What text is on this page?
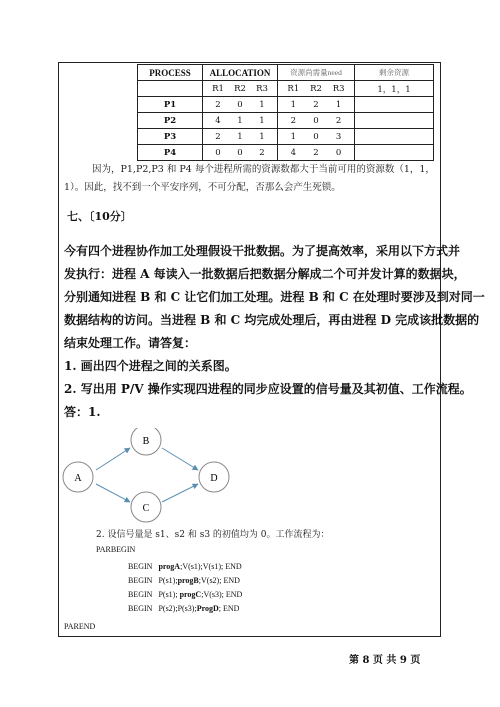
PROCESS	ALLOCATION	资源尚需量need	剩余资源

	R1 R2 R3	R1 R2 R3	1，1，1
P1	2 0 1	1 2 1	

P2	4 1 1	2 0 2	

P3	2 1 1	1 0 3	

P4	0 0 2	4 2 0	

因为，P1,P2,P3 和 P4 每个进程所需的资源数都大于当前可用的资源数（1，1，
1）。因此，找不到一个平安序列，不可分配，否那么会产生死锁。
七、〔10分〕
今有四个进程协作加工处理假设干批数据。为了提高效率，采用以下方式并
发执行：进程 A 每读入一批数据后把数据分解成二个可并发计算的数据块，
分别通知进程 B 和 C 让它们加工处理。进程 B 和 C 在处理时要涉及到对同一
数据结构的访问。当进程 B 和 C 均完成处理后，再由进程 D 完成该批数据的
结束处理工作。请答复：
1. 画出四个进程之间的关系图。
2. 写出用 P/V 操作实现四进程的同步应设置的信号量及其初值、工作流程。
答：1.
A
B
C
D
2. 设信号量是 s1、s2 和 s3 的初值均为 0。工作流程为：
PARBEGIN
BEGIN progA;V(s1);V(s1); END
BEGIN P(s1);progB;V(s2); END
BEGIN P(s1); progC;V(s3); END
BEGIN P(s2);P(s3);ProgD; END
PAREND
第 8 页 共 9 页
